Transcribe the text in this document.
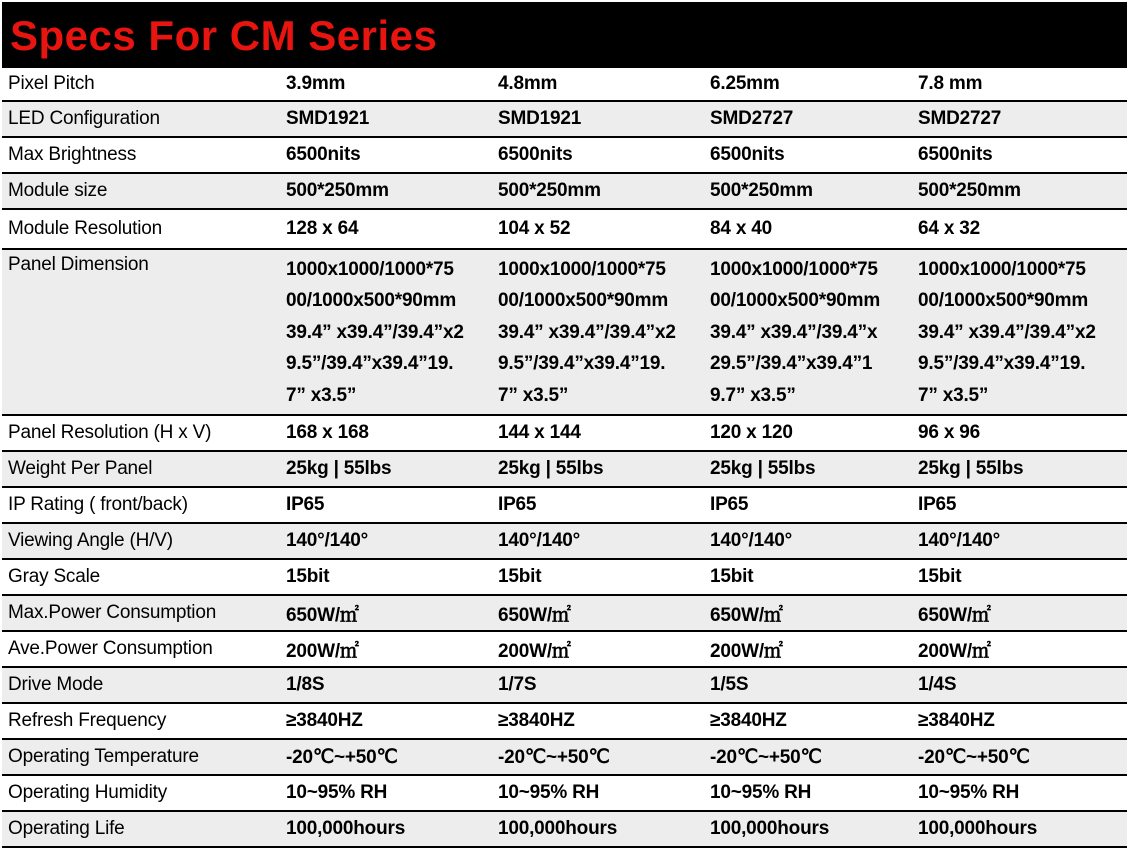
Specs For CM Series
Pixel Pitch	3.9mm	4.8mm	6.25mm	7.8 mm
LED Configuration	SMD1921	SMD1921	SMD2727	SMD2727
Max Brightness	6500nits	6500nits	6500nits	6500nits
Module size	500*250mm	500*250mm	500*250mm	500*250mm
Module Resolution	128 x 64	104 x 52	84 x 40	64 x 32
Panel Dimension	1000x1000/1000*75
00/1000x500*90mm
39.4” x39.4”/39.4”x2
9.5”/39.4”x39.4”19.
7” x3.5”	1000x1000/1000*75
00/1000x500*90mm
39.4” x39.4”/39.4”x2
9.5”/39.4”x39.4”19.
7” x3.5”	1000x1000/1000*75
00/1000x500*90mm
39.4” x39.4”/39.4”x
29.5”/39.4”x39.4”1
9.7” x3.5”	1000x1000/1000*75
00/1000x500*90mm
39.4” x39.4”/39.4”x2
9.5”/39.4”x39.4”19.
7” x3.5”

Panel Resolution (H x V)	168 x 168	144 x 144	120 x 120	96 x 96
Weight Per Panel	25kg | 55lbs	25kg | 55lbs	25kg | 55lbs	25kg | 55lbs
IP Rating ( front/back)	IP65	IP65	IP65	IP65
Viewing Angle (H/V)	140°/140°	140°/140°	140°/140°	140°/140°
Gray Scale	15bit	15bit	15bit	15bit
Max.Power Consumption	650W/㎡	650W/㎡	650W/㎡	650W/㎡
Ave.Power Consumption	200W/㎡	200W/㎡	200W/㎡	200W/㎡
Drive Mode	1/8S	1/7S	1/5S	1/4S
Refresh Frequency	≥3840HZ	≥3840HZ	≥3840HZ	≥3840HZ
Operating Temperature	-20℃~+50℃	-20℃~+50℃	-20℃~+50℃	-20℃~+50℃
Operating Humidity	10~95% RH	10~95% RH	10~95% RH	10~95% RH
Operating Life	100,000hours	100,000hours	100,000hours	100,000hours
